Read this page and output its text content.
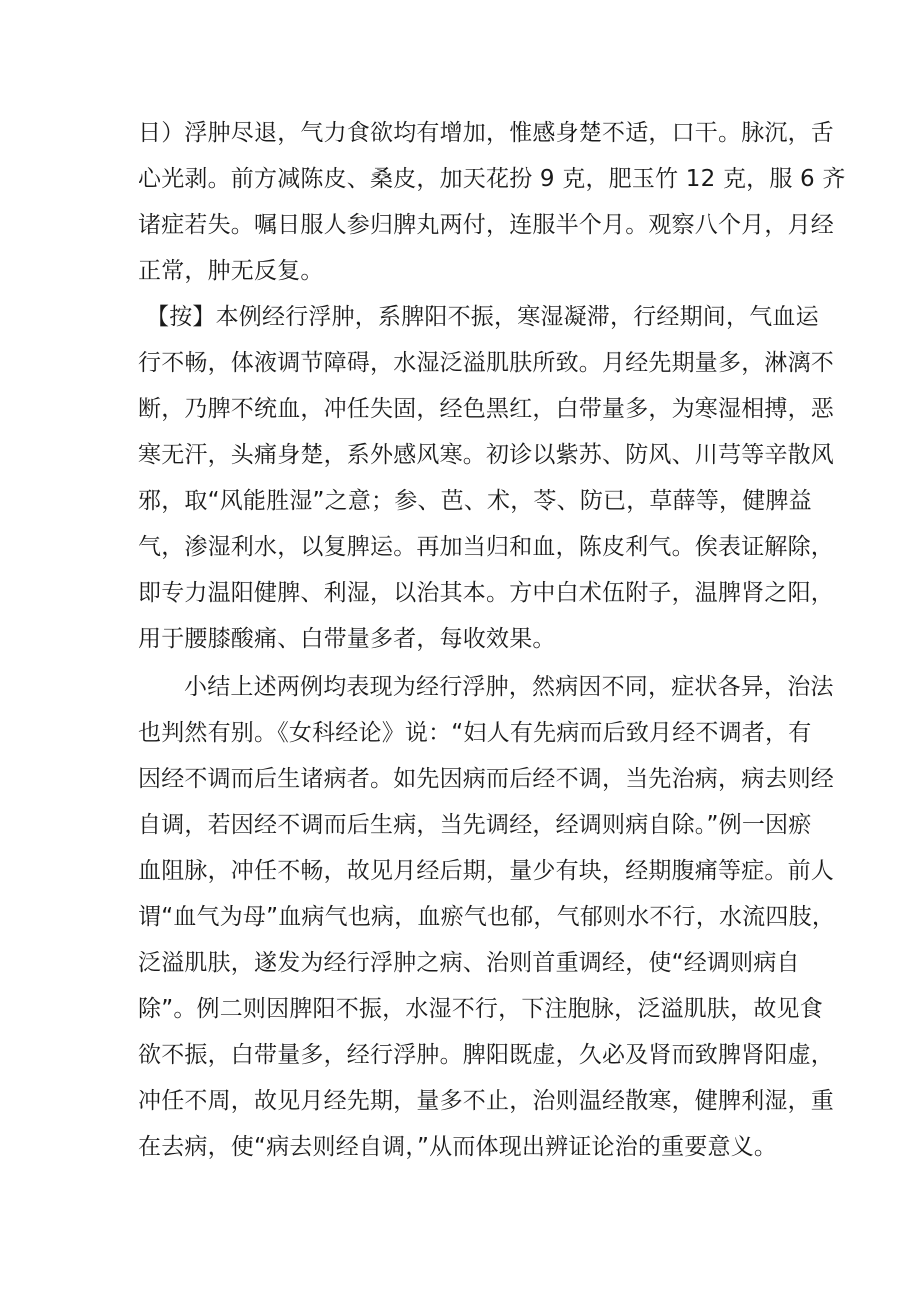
日）浮肿尽退，气力食欲均有增加，惟感身楚不适，口干。脉沉，舌
心光剥。前方减陈皮、桑皮，加天花扮 9 克，肥玉竹 12 克，服 6 齐
诸症若失。嘱日服人参归脾丸两付，连服半个月。观察八个月，月经
正常，肿无反复。
【按】本例经行浮肿，系脾阳不振，寒湿凝滞，行经期间，气血运
行不畅，体液调节障碍，水湿泛溢肌肤所致。月经先期量多，淋漓不
断，乃脾不统血，冲任失固，经色黑红，白带量多，为寒湿相搏，恶
寒无汗，头痛身楚，系外感风寒。初诊以紫苏、防风、川芎等辛散风
邪，取“风能胜湿”之意；参、芭、术，苓、防已，草薛等，健脾益
气，渗湿利水，以复脾运。再加当归和血，陈皮利气。俟表证解除，
即专力温阳健脾、利湿，以治其本。方中白术伍附子，温脾肾之阳，
用于腰膝酸痛、白带量多者，每收效果。
小结上述两例均表现为经行浮肿，然病因不同，症状各异，治法
也判然有别。《女科经论》说：“妇人有先病而后致月经不调者，有
因经不调而后生诸病者。如先因病而后经不调，当先治病，病去则经
自调，若因经不调而后生病，当先调经，经调则病自除。”例一因瘀
血阻脉，冲任不畅，故见月经后期，量少有块，经期腹痛等症。前人
谓“血气为母”血病气也病，血瘀气也郁，气郁则水不行，水流四肢，
泛溢肌肤，遂发为经行浮肿之病、治则首重调经，使“经调则病自
除”。例二则因脾阳不振，水湿不行，下注胞脉，泛溢肌肤，故见食
欲不振，白带量多，经行浮肿。脾阳既虚，久必及肾而致脾肾阳虚，
冲任不周，故见月经先期，量多不止，治则温经散寒，健脾利湿，重
在去病，使“病去则经自调，”从而体现出辨证论治的重要意义。
